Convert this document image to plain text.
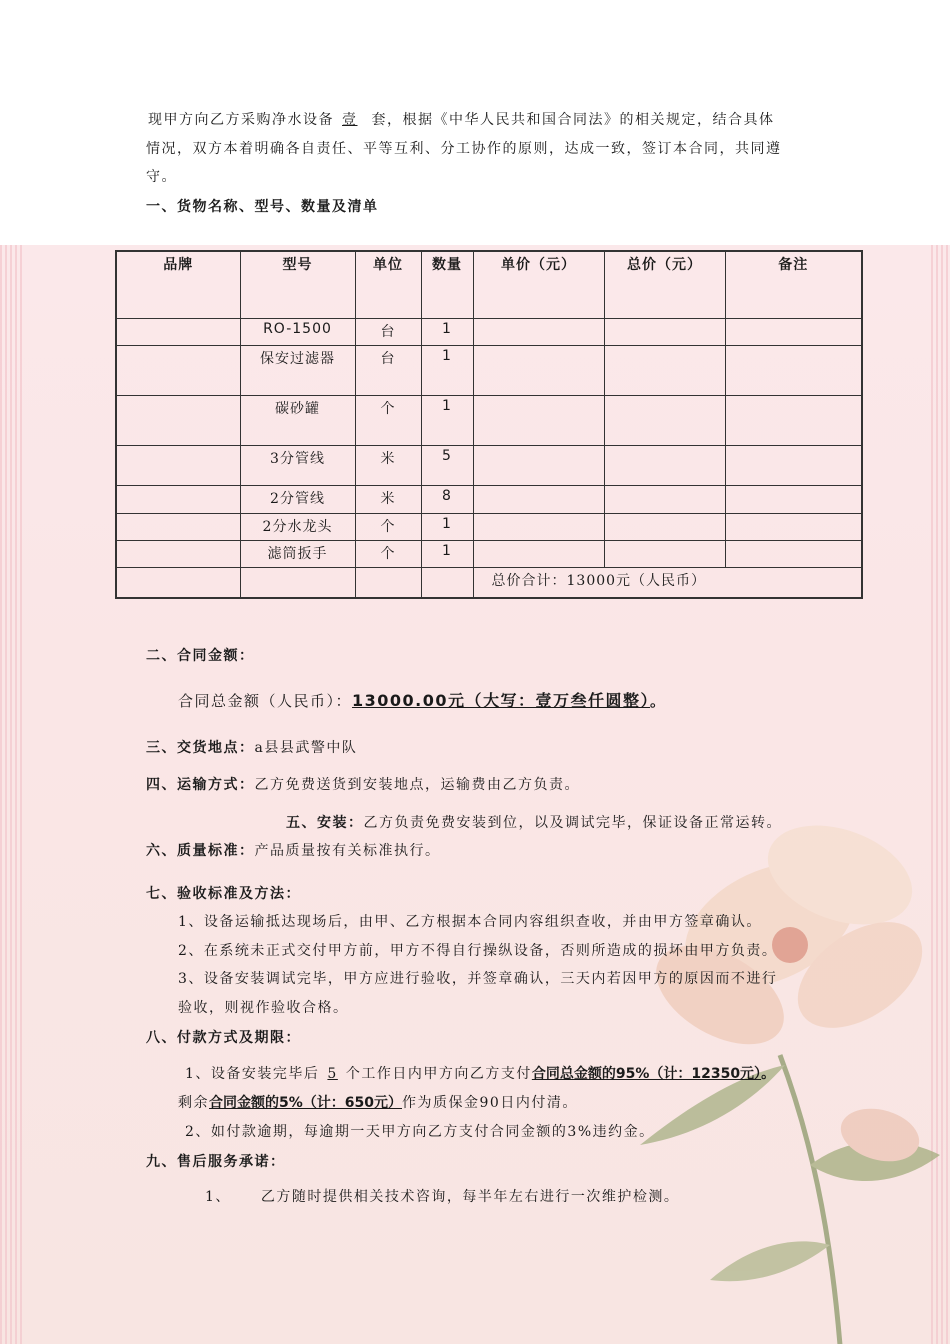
现甲方向乙方采购净水设备 壹 套，根据《中华人民共和国合同法》的相关规定，结合具体
情况，双方本着明确各自责任、平等互利、分工协作的原则，达成一致，签订本合同，共同遵
守。
一、货物名称、型号、数量及清单
品牌	型号	单位	数量	单价（元）	总价（元）	备注
	RO-1500	台	1			
	保安过滤器	台	1			
	碳砂罐	个	1			
	3分管线	米	5			
	2分管线	米	8			
	2分水龙头	个	1			
	滤筒扳手	个	1			
				总价合计：13000元（人民币）		
二、合同金额：
合同总金额（人民币）：13000.00元（大写：壹万叁仟圆整）。
三、交货地点：a县县武警中队
四、运输方式：乙方免费送货到安装地点，运输费由乙方负责。
五、安装：乙方负责免费安装到位，以及调试完毕，保证设备正常运转。
六、质量标准：产品质量按有关标准执行。
七、验收标准及方法：
1、设备运输抵达现场后，由甲、乙方根据本合同内容组织查收，并由甲方签章确认。
2、在系统未正式交付甲方前，甲方不得自行操纵设备，否则所造成的损坏由甲方负责。
3、设备安装调试完毕，甲方应进行验收，并签章确认，三天内若因甲方的原因而不进行
验收，则视作验收合格。
八、付款方式及期限：
1、设备安装完毕后 5 个工作日内甲方向乙方支付合同总金额的95%（计：12350元）。
剩余合同金额的5%（计：650元）作为质保金90日内付清。
2、如付款逾期，每逾期一天甲方向乙方支付合同金额的3%违约金。
九、售后服务承诺：
1、 乙方随时提供相关技术咨询，每半年左右进行一次维护检测。
